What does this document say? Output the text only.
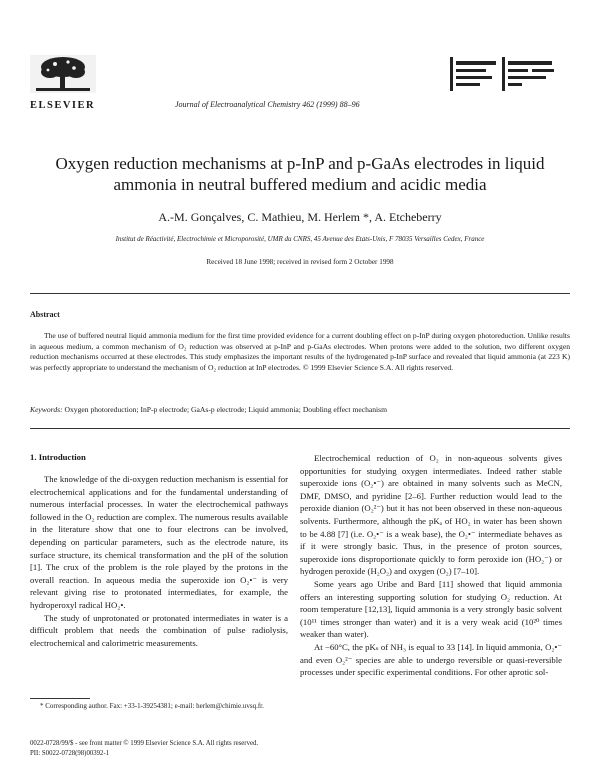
ELSEVIER	Journal of Electroanalytical Chemistry 462 (1999) 88–96
Oxygen reduction mechanisms at p-InP and p-GaAs electrodes in liquid ammonia in neutral buffered medium and acidic media
A.-M. Gonçalves, C. Mathieu, M. Herlem *, A. Etcheberry
Institut de Réactivité, Electrochimie et Microporosité, UMR du CNRS, 45 Avenue des Etats-Unis, F 78035 Versailles Cedex, France
Received 18 June 1998; received in revised form 2 October 1998
Abstract
The use of buffered neutral liquid ammonia medium for the first time provided evidence for a current doubling effect on p-InP during oxygen photoreduction. Unlike results in aqueous medium, a common mechanism of O₂ reduction was observed at p-InP and p-GaAs electrodes. When protons were added to the solution, two different oxygen reduction mechanisms occurred at these electrodes. This study emphasizes the important results of the hydrogenated p-InP surface and revealed that liquid ammonia (at 223 K) was perfectly appropriate to understand the mechanism of O₂ reduction at InP electrodes. © 1999 Elsevier Science S.A. All rights reserved.
Keywords: Oxygen photoreduction; InP-p electrode; GaAs-p electrode; Liquid ammonia; Doubling effect mechanism
1. Introduction

The knowledge of the di-oxygen reduction mechanism is essential for electrochemical applications and for the fundamental understanding of numerous interfacial processes. In water the electrochemical pathways followed in the O₂ reduction are complex. The numerous results available in the literature show that one to four electrons can be involved, depending on particular parameters, such as the electrode nature, its surface structure, its chemical transformation and the pH of the solution [1]. The crux of the problem is the role played by the protons in the overall reaction. In aqueous media the superoxide ion O₂•⁻ is very relevant giving rise to protonated intermediates, for example, the hydroperoxyl radical HO₂•.

The study of unprotonated or protonated intermediates in water is a difficult problem that needs the combination of pulse radiolysis, electrochemical and calorimetric measurements.

Electrochemical reduction of O₂ in non-aqueous solvents gives opportunities for studying oxygen intermediates. Indeed rather stable superoxide ions (O₂•⁻) are obtained in many solvents such as MeCN, DMF, DMSO, and pyridine [2–6]. Further reduction would lead to the peroxide dianion (O₂²⁻) but it has not been observed in these non-aqueous solvents. Furthermore, although the pKₐ of HO₂ in water has been shown to be 4.88 [7] (i.e. O₂•⁻ is a weak base), the O₂•⁻ intermediate behaves as if it were strongly basic. Thus, in the presence of proton sources, superoxide ions disproportionate quickly to form peroxide ion (HO₂⁻) or hydrogen peroxide (H₂O₂) and oxygen (O₂) [7–10].

Some years ago Uribe and Bard [11] showed that liquid ammonia offers an interesting supporting solution for studying O₂ reduction. At room temperature [12,13], liquid ammonia is a very strongly basic solvent (10¹¹ times stronger than water) and it is a very weak acid (10²⁰ times weaker than water).

At −60°C, the pKₛ of NH₃ is equal to 33 [14]. In liquid ammonia, O₂•⁻ and even O₂²⁻ species are able to undergo reversible or quasi-reversible processes under specific experimental conditions. For other aprotic sol-

* Corresponding author. Fax: +33-1-39254381; e-mail: herlem@chimie.uvsq.fr.
0022-0728/99/$ - see front matter © 1999 Elsevier Science S.A. All rights reserved.
PII: S0022-0728(98)00392-1
